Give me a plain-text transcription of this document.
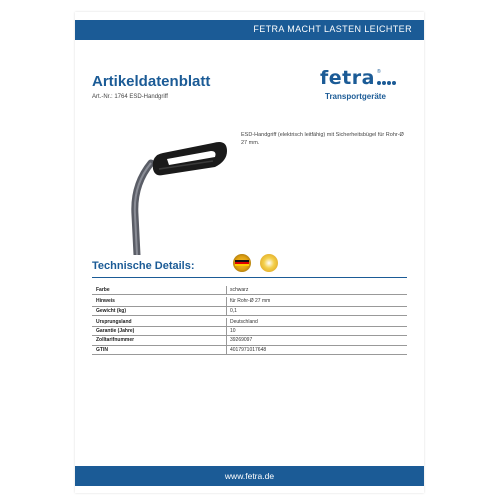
FETRA MACHT LASTEN LEICHTER
Artikeldatenblatt
Art.-Nr.: 1764 ESD-Handgriff
fetra ®
Transportgeräte
ESD-Handgriff (elektrisch leitfähig) mit Sicherheitsbügel für Rohr-Ø 27 mm.
Technische Details:
Farbe	schwarz
Hinweis	für Rohr-Ø 27 mm
Gewicht (kg)	0,1
Ursprungsland	Deutschland
Garantie (Jahre)	10
Zolltarifnummer	39269097
GTIN	4017971017648
www.fetra.de
